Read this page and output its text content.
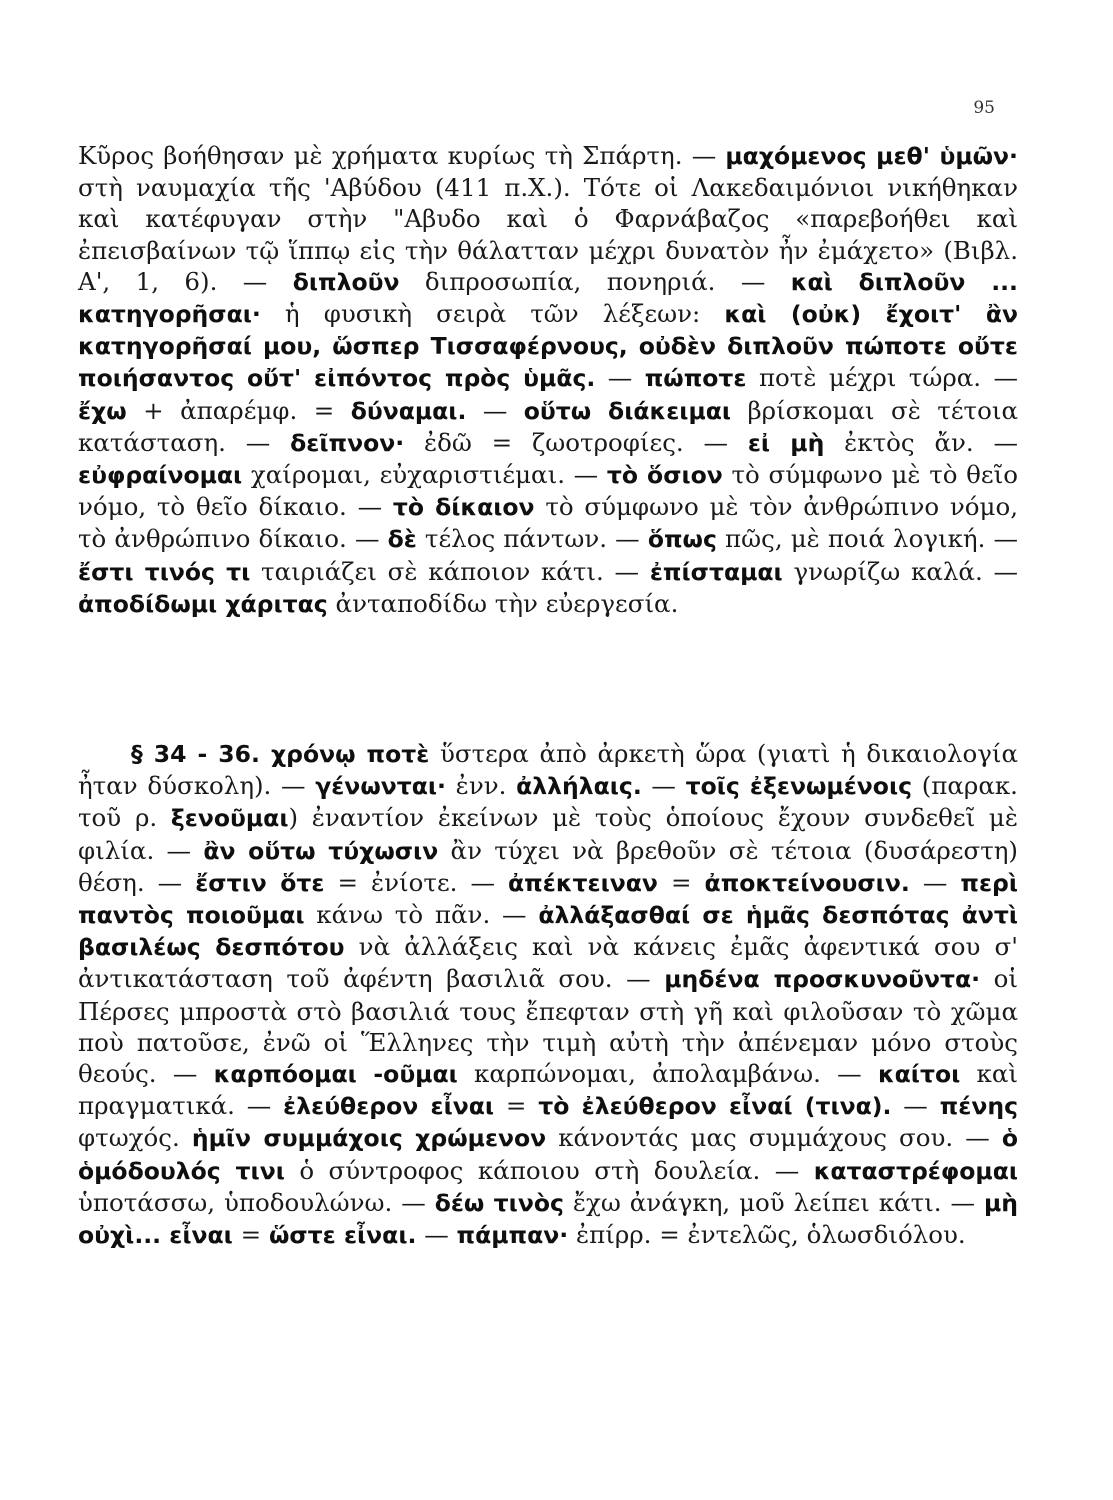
95
Κῦρος βοήθησαν μὲ χρήματα κυρίως τὴ Σπάρτη. — μαχόμενος μεθ' ὑμῶν· στὴ ναυμαχία τῆς 'Αβύδου (411 π.Χ.). Τότε οἱ Λακεδαιμόνιοι νικήθηκαν καὶ κατέφυγαν στὴν "Αβυδο καὶ ὁ Φαρνάβαζος «παρεβοήθει καὶ ἐπεισβαίνων τῷ ἵππῳ εἰς τὴν θάλατταν μέχρι δυνατὸν ἦν ἐμάχετο» (Βιβλ. Α', 1, 6). — διπλοῦν διπροσωπία, πονηριά. — καὶ διπλοῦν ... κατηγορῆσαι· ἡ φυσικὴ σειρὰ τῶν λέξεων: καὶ (οὐκ) ἔχοιτ' ἂν κατηγορῆσαί μου, ὥσπερ Τισσαφέρνους, οὐδὲν διπλοῦν πώποτε οὔτε ποιήσαντος οὔτ' εἰπόντος πρὸς ὑμᾶς. — πώποτε ποτὲ μέχρι τώρα. — ἔχω + ἀπαρέμφ. = δύναμαι. — οὕτω διάκειμαι βρίσκομαι σὲ τέτοια κατάσταση. — δεῖπνον· ἐδῶ = ζωοτροφίες. — εἰ μὴ ἐκτὸς ἄν. — εὐφραίνομαι χαίρομαι, εὐχαριστιέμαι. — τὸ ὅσιον τὸ σύμφωνο μὲ τὸ θεῖο νόμο, τὸ θεῖο δίκαιο. — τὸ δίκαιον τὸ σύμφωνο μὲ τὸν ἀνθρώπινο νόμο, τὸ ἀνθρώπινο δίκαιο. — δὲ τέλος πάντων. — ὅπως πῶς, μὲ ποιά λογική. — ἔστι τινός τι ταιριάζει σὲ κάποιον κάτι. — ἐπίσταμαι γνωρίζω καλά. — ἀποδίδωμι χάριτας ἀνταποδίδω τὴν εὐεργεσία.
§ 34 - 36. χρόνῳ ποτὲ ὕστερα ἀπὸ ἀρκετὴ ὥρα (γιατὶ ἡ δικαιολογία ἦταν δύσκολη). — γένωνται· ἐνν. ἀλλήλαις. — τοῖς ἐξενωμένοις (παρακ. τοῦ ρ. ξενοῦμαι) ἐναντίον ἐκείνων μὲ τοὺς ὁποίους ἔχουν συνδεθεῖ μὲ φιλία. — ἂν οὕτω τύχωσιν ἂν τύχει νὰ βρεθοῦν σὲ τέτοια (δυσάρεστη) θέση. — ἔστιν ὅτε = ἐνίοτε. — ἀπέκτειναν = ἀποκτείνουσιν. — περὶ παντὸς ποιοῦμαι κάνω τὸ πᾶν. — ἀλλάξασθαί σε ἡμᾶς δεσπότας ἀντὶ βασιλέως δεσπότου νὰ ἀλλάξεις καὶ νὰ κάνεις ἐμᾶς ἀφεντικά σου σ' ἀντικατάσταση τοῦ ἀφέντη βασιλιᾶ σου. — μηδένα προσκυνοῦντα· οἱ Πέρσες μπροστὰ στὸ βασιλιά τους ἔπεφταν στὴ γῆ καὶ φιλοῦσαν τὸ χῶμα ποὺ πατοῦσε, ἐνῶ οἱ Ἕλληνες τὴν τιμὴ αὐτὴ τὴν ἀπένεμαν μόνο στοὺς θεούς. — καρπόομαι -οῦμαι καρπώνομαι, ἀπολαμβάνω. — καίτοι καὶ πραγματικά. — ἐλεύθερον εἶναι = τὸ ἐλεύθερον εἶναί (τινα). — πένης φτωχός. ἡμῖν συμμάχοις χρώμενον κάνοντάς μας συμμάχους σου. — ὁ ὁμόδουλός τινι ὁ σύντροφος κάποιου στὴ δουλεία. — καταστρέφομαι ὑποτάσσω, ὑποδουλώνω. — δέω τινὸς ἔχω ἀνάγκη, μοῦ λείπει κάτι. — μὴ οὐχὶ... εἶναι = ὥστε εἶναι. — πάμπαν· ἐπίρρ. = ἐντελῶς, ὁλωσδιόλου.
